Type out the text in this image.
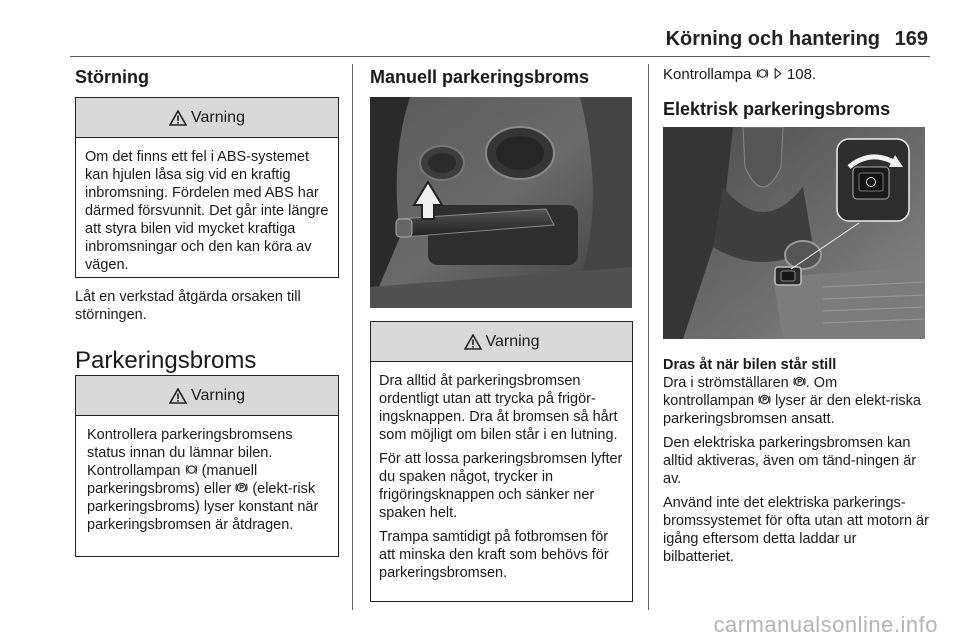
Körning och hantering 169
Störning
Varning

Om det finns ett fel i ABS-systemet kan hjulen låsa sig vid en kraftig inbromsning. Fördelen med ABS har därmed försvunnit. Det går inte längre att styra bilen vid mycket kraftiga inbromsningar och den kan köra av vägen.

Låt en verkstad åtgärda orsaken till störningen.

Parkeringsbroms
Varning

Kontrollera parkeringsbromsens status innan du lämnar bilen. Kontrollampan (manuell parkeringsbroms) eller (elekt-risk parkeringsbroms) lyser konstant när parkeringsbromsen är åtdragen.

Manuell parkeringsbroms
Varning

Dra alltid åt parkeringsbromsen ordentligt utan att trycka på frigör-ingsknappen. Dra åt bromsen så hårt som möjligt om bilen står i en lutning.

För att lossa parkeringsbromsen lyfter du spaken något, trycker in frigöringsknappen och sänker ner spaken helt.

Trampa samtidigt på fotbromsen för att minska den kraft som behövs för parkeringsbromsen.

Kontrollampa 108.

Elektrisk parkeringsbroms

Dras åt när bilen står still

Dra i strömställaren . Om kontrollampan lyser är den elekt-riska parkeringsbromsen ansatt.

Den elektriska parkeringsbromsen kan alltid aktiveras, även om tänd-ningen är av.

Använd inte det elektriska parkerings-bromssystemet för ofta utan att motorn är igång eftersom detta laddar ur bilbatteriet.

carmanualsonline.info
